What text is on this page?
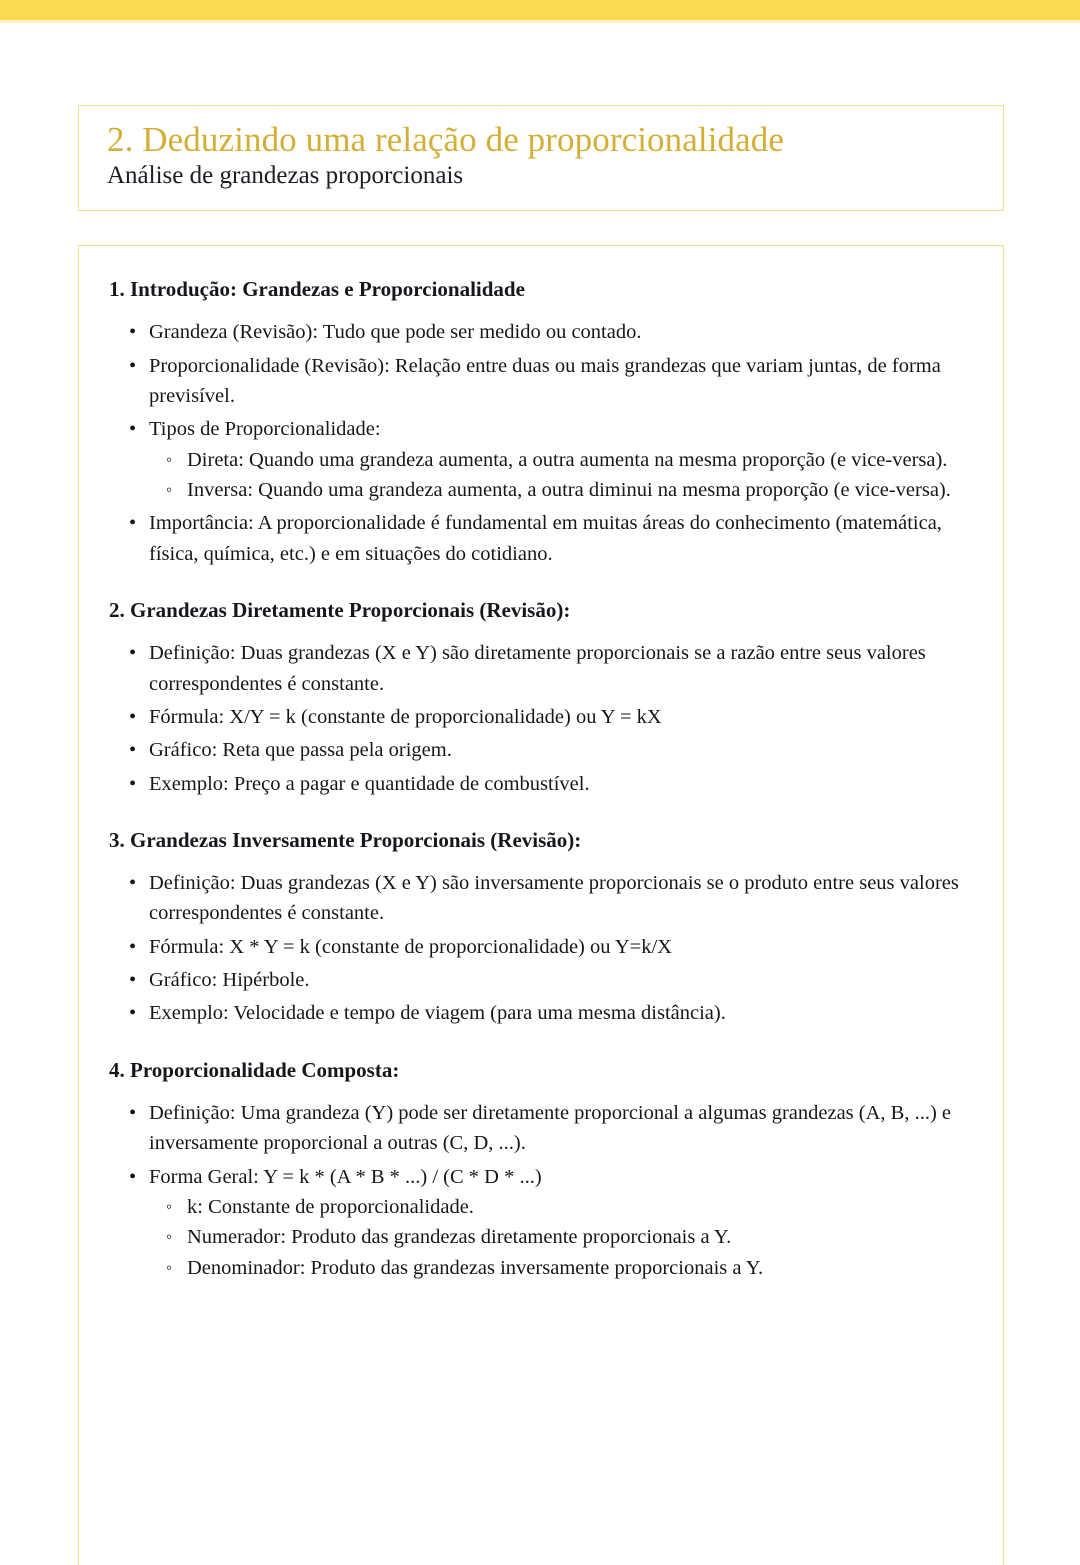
2. Deduzindo uma relação de proporcionalidade
Análise de grandezas proporcionais
1. Introdução: Grandezas e Proporcionalidade
• Grandeza (Revisão): Tudo que pode ser medido ou contado.
• Proporcionalidade (Revisão): Relação entre duas ou mais grandezas que variam juntas, de forma previsível.
• Tipos de Proporcionalidade:
◦ Direta: Quando uma grandeza aumenta, a outra aumenta na mesma proporção (e vice-versa).
◦ Inversa: Quando uma grandeza aumenta, a outra diminui na mesma proporção (e vice-versa).
• Importância: A proporcionalidade é fundamental em muitas áreas do conhecimento (matemática, física, química, etc.) e em situações do cotidiano.
2. Grandezas Diretamente Proporcionais (Revisão):
• Definição: Duas grandezas (X e Y) são diretamente proporcionais se a razão entre seus valores correspondentes é constante.
• Fórmula: X/Y = k (constante de proporcionalidade) ou Y = kX
• Gráfico: Reta que passa pela origem.
• Exemplo: Preço a pagar e quantidade de combustível.
3. Grandezas Inversamente Proporcionais (Revisão):
• Definição: Duas grandezas (X e Y) são inversamente proporcionais se o produto entre seus valores correspondentes é constante.
• Fórmula: X * Y = k (constante de proporcionalidade) ou Y=k/X
• Gráfico: Hipérbole.
• Exemplo: Velocidade e tempo de viagem (para uma mesma distância).
4. Proporcionalidade Composta:
• Definição: Uma grandeza (Y) pode ser diretamente proporcional a algumas grandezas (A, B, ...) e inversamente proporcional a outras (C, D, ...).
• Forma Geral: Y = k * (A * B * ...) / (C * D * ...)
◦ k: Constante de proporcionalidade.
◦ Numerador: Produto das grandezas diretamente proporcionais a Y.
◦ Denominador: Produto das grandezas inversamente proporcionais a Y.
